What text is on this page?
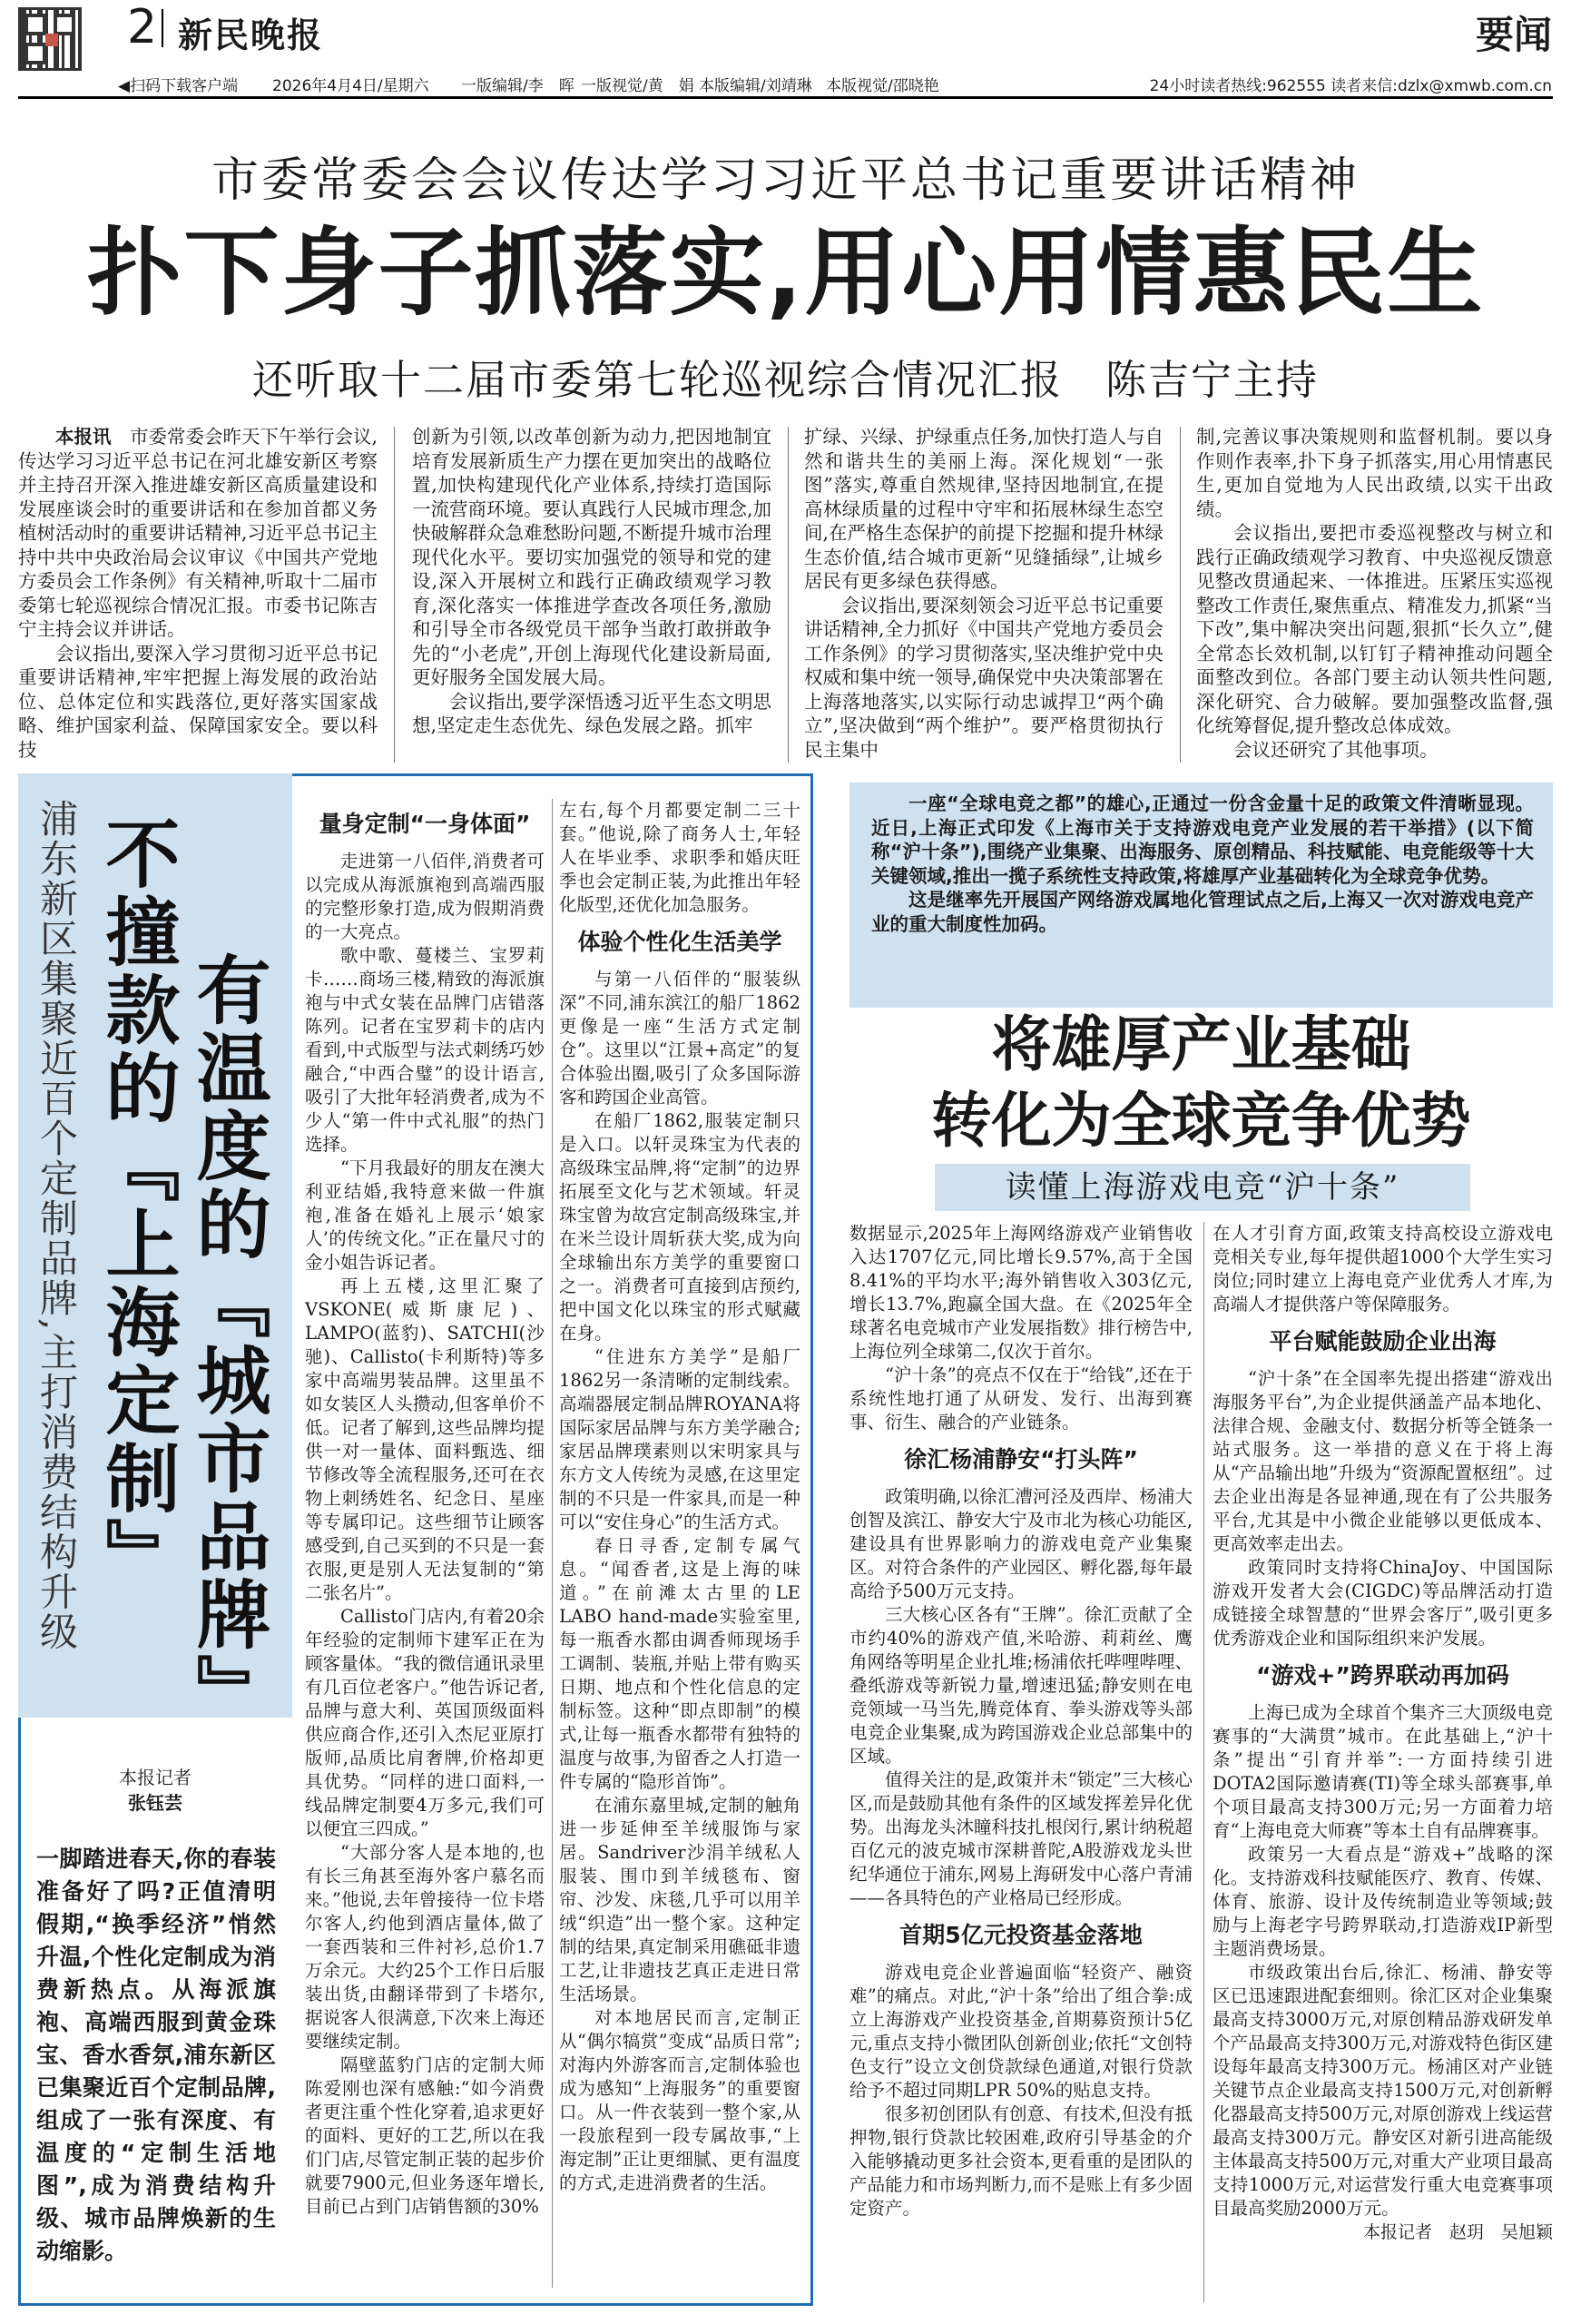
2 新民晚报	要闻
◀扫码下载客户端 2026年4月4日/星期六 一版编辑/李　晖 一版视觉/黄　娟 本版编辑/刘靖琳 本版视觉/邵晓艳	24小时读者热线:962555 读者来信:dzlx@xmwb.com.cn
市委常委会会议传达学习习近平总书记重要讲话精神
扑下身子抓落实,用心用情惠民生
还听取十二届市委第七轮巡视综合情况汇报　陈吉宁主持

本报讯　 市委常委会昨天下午举行会议,传达学习习近平总书记在河北雄安新区考察并主持召开深入推进雄安新区高质量建设和发展座谈会时的重要讲话和在参加首都义务植树活动时的重要讲话精神,习近平总书记主持中共中央政治局会议审议《中国共产党地方委员会工作条例》有关精神,听取十二届市委第七轮巡视综合情况汇报。市委书记陈吉宁主持会议并讲话。

会议指出,要深入学习贯彻习近平总书记重要讲话精神,牢牢把握上海发展的政治站位、总体定位和实践落位,更好落实国家战略、维护国家利益、保障国家安全。要以科技

创新为引领,以改革创新为动力,把因地制宜培育发展新质生产力摆在更加突出的战略位置,加快构建现代化产业体系,持续打造国际一流营商环境。要认真践行人民城市理念,加快破解群众急难愁盼问题,不断提升城市治理现代化水平。要切实加强党的领导和党的建设,深入开展树立和践行正确政绩观学习教育,深化落实一体推进学查改各项任务,激励和引导全市各级党员干部争当敢打敢拼敢争先的“小老虎”,开创上海现代化建设新局面,更好服务全国发展大局。

会议指出,要学深悟透习近平生态文明思想,坚定走生态优先、绿色发展之路。抓牢

扩绿、兴绿、护绿重点任务,加快打造人与自然和谐共生的美丽上海。深化规划“一张图”落实,尊重自然规律,坚持因地制宜,在提高林绿质量的过程中守牢和拓展林绿生态空间,在严格生态保护的前提下挖掘和提升林绿生态价值,结合城市更新“见缝插绿”,让城乡居民有更多绿色获得感。

会议指出,要深刻领会习近平总书记重要讲话精神,全力抓好《中国共产党地方委员会工作条例》的学习贯彻落实,坚决维护党中央权威和集中统一领导,确保党中央决策部署在上海落地落实,以实际行动忠诚捍卫“两个确立”,坚决做到“两个维护”。要严格贯彻执行民主集中

制,完善议事决策规则和监督机制。要以身作则作表率,扑下身子抓落实,用心用情惠民生,更加自觉地为人民出政绩,以实干出政绩。

会议指出,要把市委巡视整改与树立和践行正确政绩观学习教育、中央巡视反馈意见整改贯通起来、一体推进。压紧压实巡视整改工作责任,聚焦重点、精准发力,抓紧“当下改”,集中解决突出问题,狠抓“长久立”,健全常态长效机制,以钉钉子精神推动问题全面整改到位。各部门要主动认领共性问题,深化研究、合力破解。要加强整改监督,强化统筹督促,提升整改总体成效。

会议还研究了其他事项。

有温度的『城市品牌』
不撞款的『上海定制』
浦东新区集聚近百个定制品牌,主打消费结构升级
本报记者
张钰芸
一脚踏进春天,你的春装准备好了吗?正值清明假期,“换季经济”悄然升温,个性化定制成为消费新热点。从海派旗袍、高端西服到黄金珠宝、香水香氛,浦东新区已集聚近百个定制品牌,组成了一张有深度、有温度的“定制生活地图”,成为消费结构升级、城市品牌焕新的生动缩影。
量身定制“一身体面”

走进第一八佰伴,消费者可以完成从海派旗袍到高端西服的完整形象打造,成为假期消费的一大亮点。

歌中歌、蔓楼兰、宝罗莉卡……商场三楼,精致的海派旗袍与中式女装在品牌门店错落陈列。记者在宝罗莉卡的店内看到,中式版型与法式刺绣巧妙融合,“中西合璧”的设计语言,吸引了大批年轻消费者,成为不少人“第一件中式礼服”的热门选择。

“下月我最好的朋友在澳大利亚结婚,我特意来做一件旗袍,准备在婚礼上展示‘娘家人’的传统文化。”正在量尺寸的金小姐告诉记者。

再上五楼,这里汇聚了VSKONE(威斯康尼)、LAMPO(蓝豹)、SATCHI(沙驰)、Callisto(卡利斯特)等多家中高端男装品牌。这里虽不如女装区人头攒动,但客单价不低。记者了解到,这些品牌均提供一对一量体、面料甄选、细节修改等全流程服务,还可在衣物上刺绣姓名、纪念日、星座等专属印记。这些细节让顾客感受到,自己买到的不只是一套衣服,更是别人无法复制的“第二张名片”。

Callisto门店内,有着20余年经验的定制师卞建军正在为顾客量体。“我的微信通讯录里有几百位老客户。”他告诉记者,品牌与意大利、英国顶级面料供应商合作,还引入杰尼亚原打版师,品质比肩奢牌,价格却更具优势。“同样的进口面料,一线品牌定制要4万多元,我们可以便宜三四成。”

“大部分客人是本地的,也有长三角甚至海外客户慕名而来。”他说,去年曾接待一位卡塔尔客人,约他到酒店量体,做了一套西装和三件衬衫,总价1.7万余元。大约25个工作日后服装出货,由翻译带到了卡塔尔,据说客人很满意,下次来上海还要继续定制。

隔壁蓝豹门店的定制大师陈爱刚也深有感触:“如今消费者更注重个性化穿着,追求更好的面料、更好的工艺,所以在我们门店,尽管定制正装的起步价就要7900元,但业务逐年增长,目前已占到门店销售额的30%

左右,每个月都要定制二三十套。”他说,除了商务人士,年轻人在毕业季、求职季和婚庆旺季也会定制正装,为此推出年轻化版型,还优化加急服务。

体验个性化生活美学

与第一八佰伴的“服装纵深”不同,浦东滨江的船厂1862更像是一座“生活方式定制仓”。这里以“江景+高定”的复合体验出圈,吸引了众多国际游客和跨国企业高管。

在船厂1862,服装定制只是入口。以轩灵珠宝为代表的高级珠宝品牌,将“定制”的边界拓展至文化与艺术领域。轩灵珠宝曾为故宫定制高级珠宝,并在米兰设计周斩获大奖,成为向全球输出东方美学的重要窗口之一。消费者可直接到店预约,把中国文化以珠宝的形式赋藏在身。

“住进东方美学”是船厂1862另一条清晰的定制线索。高端器展定制品牌ROYANA将国际家居品牌与东方美学融合;家居品牌璞素则以宋明家具与东方文人传统为灵感,在这里定制的不只是一件家具,而是一种可以“安住身心”的生活方式。

春日寻香,定制专属气息。“闻香者,这是上海的味道。”在前滩太古里的LE LABO hand-made实验室里,每一瓶香水都由调香师现场手工调制、装瓶,并贴上带有购买日期、地点和个性化信息的定制标签。这种“即点即制”的模式,让每一瓶香水都带有独特的温度与故事,为留香之人打造一件专属的“隐形首饰”。

在浦东嘉里城,定制的触角进一步延伸至羊绒服饰与家居。Sandriver沙涓羊绒私人服装、围巾到羊绒毯布、窗帘、沙发、床毯,几乎可以用羊绒“织造”出一整个家。这种定制的结果,真定制采用礁砥非遗工艺,让非遗技艺真正走进日常生活场景。

对本地居民而言,定制正从“偶尔犒赏”变成“品质日常”;对海内外游客而言,定制体验也成为感知“上海服务”的重要窗口。从一件衣装到一整个家,从一段旅程到一段专属故事,“上海定制”正让更细腻、更有温度的方式,走进消费者的生活。

一座“全球电竞之都”的雄心,正通过一份含金量十足的政策文件清晰显现。近日,上海正式印发《上海市关于支持游戏电竞产业发展的若干举措》(以下简称“沪十条”),围绕产业集聚、出海服务、原创精品、科技赋能、电竞能级等十大关键领域,推出一揽子系统性支持政策,将雄厚产业基础转化为全球竞争优势。

这是继率先开展国产网络游戏属地化管理试点之后,上海又一次对游戏电竞产业的重大制度性加码。

将雄厚产业基础
转化为全球竞争优势
读懂上海游戏电竞“沪十条”

数据显示,2025年上海网络游戏产业销售收入达1707亿元,同比增长9.57%,高于全国8.41%的平均水平;海外销售收入303亿元,增长13.7%,跑赢全国大盘。在《2025年全球著名电竞城市产业发展指数》排行榜告中,上海位列全球第二,仅次于首尔。

“沪十条”的亮点不仅在于“给钱”,还在于系统性地打通了从研发、发行、出海到赛事、衍生、融合的产业链条。

徐汇杨浦静安“打头阵”

政策明确,以徐汇漕河泾及西岸、杨浦大创智及滨江、静安大宁及市北为核心功能区,建设具有世界影响力的游戏电竞产业集聚区。对符合条件的产业园区、孵化器,每年最高给予500万元支持。

三大核心区各有“王牌”。徐汇贡献了全市约40%的游戏产值,米哈游、莉莉丝、鹰角网络等明星企业扎堆;杨浦依托哔哩哔哩、叠纸游戏等新锐力量,增速迅猛;静安则在电竞领域一马当先,腾竞体育、拳头游戏等头部电竞企业集聚,成为跨国游戏企业总部集中的区域。

值得关注的是,政策并未“锁定”三大核心区,而是鼓励其他有条件的区域发挥差异化优势。出海龙头沐瞳科技扎根闵行,累计纳税超百亿元的波克城市深耕普陀,A股游戏龙头世纪华通位于浦东,网易上海研发中心落户青浦——各具特色的产业格局已经形成。

首期5亿元投资基金落地

游戏电竞企业普遍面临“轻资产、融资难”的痛点。对此,“沪十条”给出了组合拳:成立上海游戏产业投资基金,首期募资预计5亿元,重点支持小微团队创新创业;依托“文创特色支行”设立文创贷款绿色通道,对银行贷款给予不超过同期LPR 50%的贴息支持。

很多初创团队有创意、有技术,但没有抵押物,银行贷款比较困难,政府引导基金的介入能够撬动更多社会资本,更看重的是团队的产品能力和市场判断力,而不是账上有多少固定资产。

在人才引育方面,政策支持高校设立游戏电竞相关专业,每年提供超1000个大学生实习岗位;同时建立上海电竞产业优秀人才库,为高端人才提供落户等保障服务。

平台赋能鼓励企业出海

“沪十条”在全国率先提出搭建“游戏出海服务平台”,为企业提供涵盖产品本地化、法律合规、金融支付、数据分析等全链条一站式服务。这一举措的意义在于将上海从“产品输出地”升级为“资源配置枢纽”。过去企业出海是各显神通,现在有了公共服务平台,尤其是中小微企业能够以更低成本、更高效率走出去。

政策同时支持将ChinaJoy、中国国际游戏开发者大会(CIGDC)等品牌活动打造成链接全球智慧的“世界会客厅”,吸引更多优秀游戏企业和国际组织来沪发展。

“游戏+”跨界联动再加码

上海已成为全球首个集齐三大顶级电竞赛事的“大满贯”城市。在此基础上,“沪十条”提出“引育并举”:一方面持续引进DOTA2国际邀请赛(TI)等全球头部赛事,单个项目最高支持300万元;另一方面着力培育“上海电竞大师赛”等本土自有品牌赛事。

政策另一大看点是“游戏+”战略的深化。支持游戏科技赋能医疗、教育、传媒、体育、旅游、设计及传统制造业等领域;鼓励与上海老字号跨界联动,打造游戏IP新型主题消费场景。

市级政策出台后,徐汇、杨浦、静安等区已迅速跟进配套细则。徐汇区对企业集聚最高支持3000万元,对原创精品游戏研发单个产品最高支持300万元,对游戏特色街区建设每年最高支持300万元。杨浦区对产业链关键节点企业最高支持1500万元,对创新孵化器最高支持500万元,对原创游戏上线运营最高支持300万元。静安区对新引进高能级主体最高支持500万元,对重大产业项目最高支持1000万元,对运营发行重大电竞赛事项目最高奖励2000万元。

本报记者　赵玥　吴旭颖
